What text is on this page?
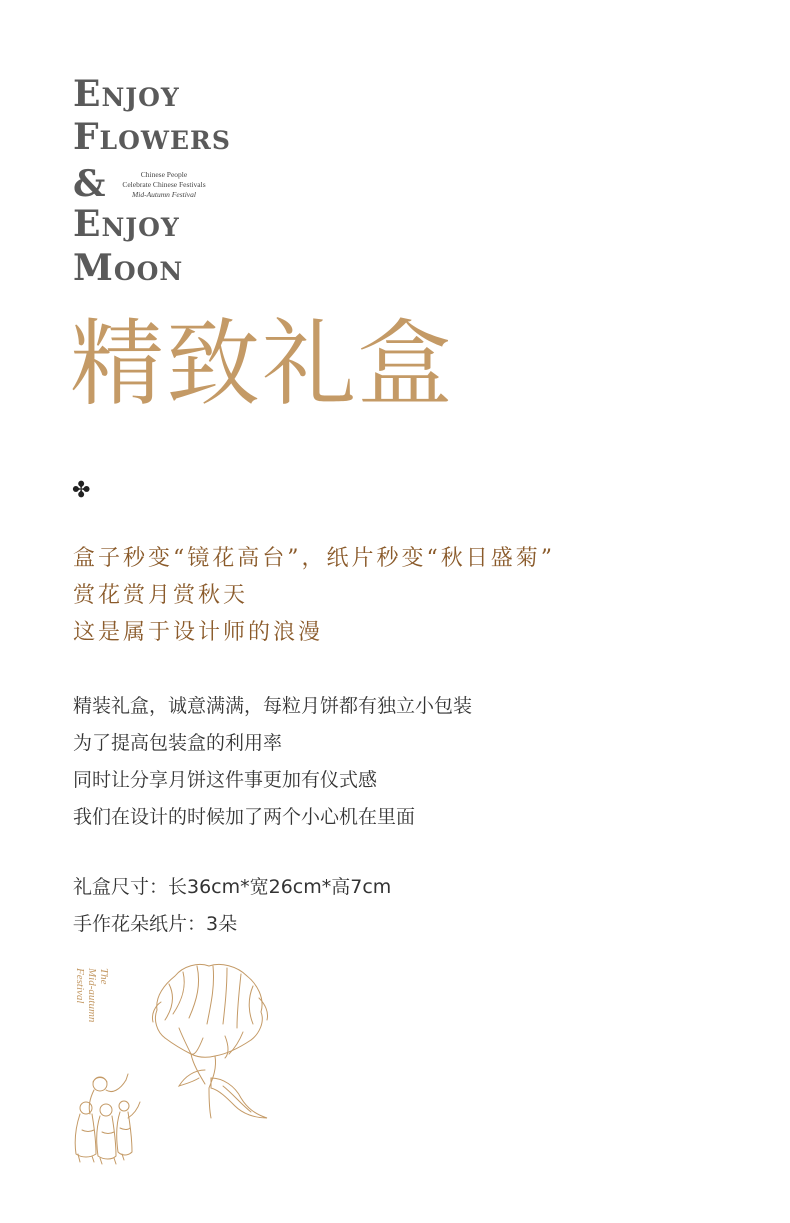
Enjoy
Flowers
&	Chinese People
Celebrate Chinese Festivals
Mid-Autumn Festival
Enjoy
Moon
精致礼盒
✤
盒子秒变“镜花高台”，纸片秒变“秋日盛菊”
赏花赏月赏秋天
这是属于设计师的浪漫
精装礼盒，诚意满满，每粒月饼都有独立小包装
为了提高包装盒的利用率
同时让分享月饼这件事更加有仪式感
我们在设计的时候加了两个小心机在里面
礼盒尺寸：长36cm*宽26cm*高7cm
手作花朵纸片：3朵
The
Mid-autumn
Festival
